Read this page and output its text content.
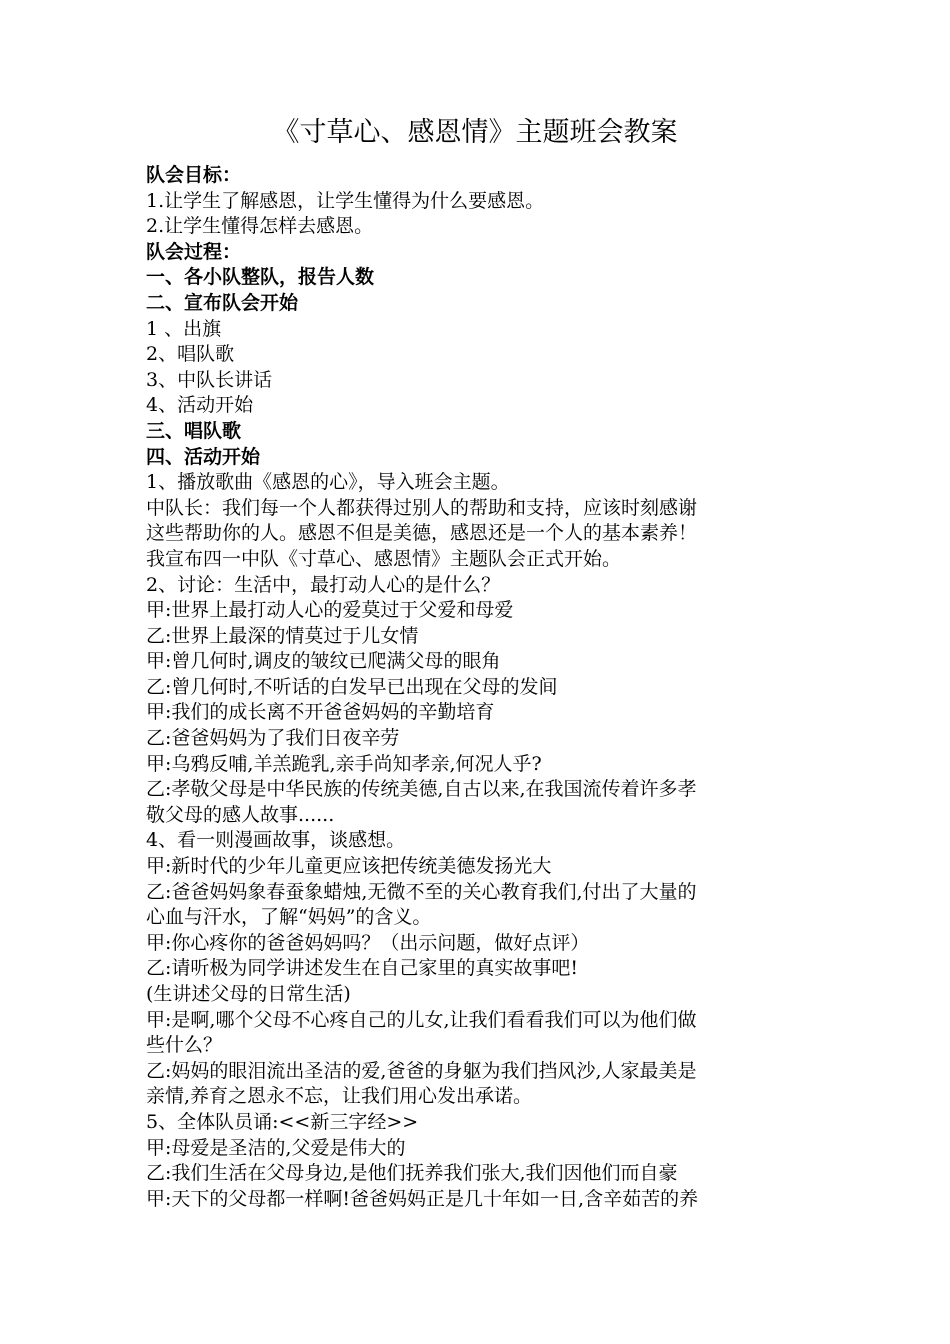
《寸草心、感恩情》主题班会教案
队会目标：
1.让学生了解感恩，让学生懂得为什么要感恩。
2.让学生懂得怎样去感恩。
队会过程：
一、各小队整队，报告人数
二、宣布队会开始
1 、出旗
2、唱队歌
3、中队长讲话
4、活动开始
三、唱队歌
四、活动开始
1、播放歌曲《感恩的心》，导入班会主题。
中队长：我们每一个人都获得过别人的帮助和支持，应该时刻感谢
这些帮助你的人。感恩不但是美德，感恩还是一个人的基本素养！
我宣布四一中队《寸草心、感恩情》主题队会正式开始。
2、讨论：生活中，最打动人心的是什么？
甲:世界上最打动人心的爱莫过于父爱和母爱
乙:世界上最深的情莫过于儿女情
甲:曾几何时,调皮的皱纹已爬满父母的眼角
乙:曾几何时,不听话的白发早已出现在父母的发间
甲:我们的成长离不开爸爸妈妈的辛勤培育
乙:爸爸妈妈为了我们日夜辛劳
甲:乌鸦反哺,羊羔跪乳,亲手尚知孝亲,何况人乎?
乙:孝敬父母是中华民族的传统美德,自古以来,在我国流传着许多孝
敬父母的感人故事......
4、看一则漫画故事，谈感想。
甲:新时代的少年儿童更应该把传统美德发扬光大
乙:爸爸妈妈象春蚕象蜡烛,无微不至的关心教育我们,付出了大量的
心血与汗水，了解“妈妈”的含义。
甲:你心疼你的爸爸妈妈吗？（出示问题，做好点评）
乙:请听极为同学讲述发生在自己家里的真实故事吧!
(生讲述父母的日常生活)
甲:是啊,哪个父母不心疼自己的儿女,让我们看看我们可以为他们做
些什么？
乙:妈妈的眼泪流出圣洁的爱,爸爸的身躯为我们挡风沙,人家最美是
亲情,养育之恩永不忘，让我们用心发出承诺。
5、全体队员诵:<<新三字经>>
甲:母爱是圣洁的,父爱是伟大的
乙:我们生活在父母身边,是他们抚养我们张大,我们因他们而自豪
甲:天下的父母都一样啊!爸爸妈妈正是几十年如一日,含辛茹苦的养
